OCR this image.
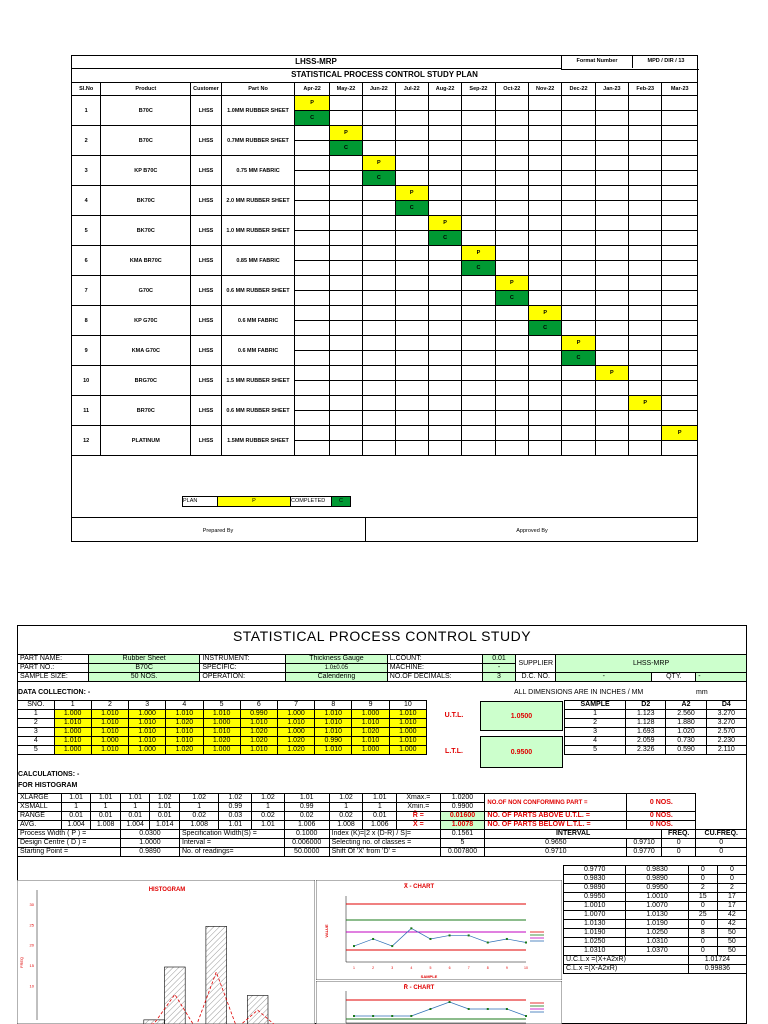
LHSS-MRP
STATISTICAL PROCESS CONTROL STUDY PLAN
Format Number	MPD / DIR / 13
Sl.No	Product	Customer	Part No	Apr-22	May-22	Jun-22	Jul-22	Aug-22	Sep-22	Oct-22	Nov-22	Dec-22	Jan-23	Feb-23	Mar-23
1	B70C	LHSS	1.0MM RUBBER SHEET	P											
				C											
2	B70C	LHSS	0.7MM RUBBER SHEET		P										
					C										
3	KP B70C	LHSS	0.75 MM FABRIC			P									
						C									
4	BK70C	LHSS	2.0 MM RUBBER SHEET				P								
							C								
5	BK70C	LHSS	1.0 MM RUBBER SHEET					P							
								C							
6	KMA BR70C	LHSS	0.85 MM FABRIC						P						
									C						
7	G70C	LHSS	0.6 MM RUBBER SHEET							P					
										C					
8	KP G70C	LHSS	0.6 MM FABRIC								P				
											C				
9	KMA G70C	LHSS	0.6 MM FABRIC									P			
												C			
10	BRG70C	LHSS	1.5 MM RUBBER SHEET										P		

11	BR70C	LHSS	0.6 MM RUBBER SHEET											P	

12	PLATINUM	LHSS	1.5MM RUBBER SHEET												P

PLAN	P	COMPLETED	C
Prepared By	Approved By
STATISTICAL PROCESS CONTROL STUDY
PART NAME:	Rubber Sheet	INSTRUMENT:	Thickness Gauge	L.COUNT:	0.01	SUPPLIER	LHSS-MRP		
PART NO.:	B70C	SPECIFIC:	1.0±0.05	MACHINE:	-				
SAMPLE SIZE:	50 NOS.	OPERATION:	Calendering	NO.OF DECIMALS:	3	D.C. NO.	-	QTY.	-
DATA COLLECTION: -	ALL DIMENSIONS ARE IN INCHES / MM	mm
SNO.	1	2	3	4	5	6	7	8	9	10
1	1.000	1.010	1.000	1.010	1.010	0.990	1.000	1.010	1.000	1.010
2	1.010	1.010	1.010	1.020	1.000	1.010	1.010	1.010	1.010	1.010
3	1.000	1.010	1.010	1.010	1.010	1.020	1.000	1.010	1.020	1.000
4	1.010	1.000	1.010	1.010	1.020	1.020	1.020	0.990	1.010	1.010
5	1.000	1.010	1.000	1.020	1.000	1.010	1.020	1.010	1.000	1.000
U.T.L.	1.0500
L.T.L.	0.9500
SAMPLE	D2	A2	D4
1	1.123	2.560	3.270
2	1.128	1.880	3.270
3	1.693	1.020	2.570
4	2.059	0.730	2.230
5	2.326	0.590	2.110
CALCULATIONS: -
FOR HISTOGRAM
XLARGE	1.01	1.01	1.01	1.02	1.02	1.02	1.02	1.01	1.02	1.01	Xmax.=	1.0200	NO.OF NON CONFORMING PART =	0 NOS.		
XSMALL	1	1	1	1.01	1	0.99	1	0.99	1	1	Xmin.=	0.9900				
RANGE	0.01	0.01	0.01	0.01	0.02	0.03	0.02	0.02	0.02	0.01	R̄ =	0.01600	NO. OF PARTS ABOVE U.T.L. =	0 NOS.		
AVG.	1.004	1.008	1.004	1.014	1.008	1.01	1.01	1.006	1.008	1.006	X̄ =	1.0078	NO. OF PARTS BELOW L.T.L. =	0 NOS.		
Process Width ( P ) =			0.0300		Specification Width(S) =			0.1000	Index (K)=[2 x (D-R̄) / S]=			0.1561	INTERVAL		FREQ.	CU.FREQ.
Design Centre ( D ) =			1.0000		Interval =			0.006000	Selecting no. of classes =			5	0.9650	0.9710	0	0
Starting Point =			0.9890		No. of readings=			50.0000	Shift Of 'X̄' from 'D' =			0.007800	0.9710	0.9770	0	0
HISTOGRAM
30
25
20
15
10
FREQ
X̄ - CHART
1	2	3	4	5	6	7	8	9	10
SAMPLE
VALUE
R̄ - CHART
0.9770	0.9830	0	0
0.9830	0.9890	0	0
0.9890	0.9950	2	2
0.9950	1.0010	15	17
1.0010	1.0070	0	17
1.0070	1.0130	25	42
1.0130	1.0190	0	42
1.0190	1.0250	8	50
1.0250	1.0310	0	50
1.0310	1.0370	0	50
U.C.L.x =(X̄+A2xR̄)		1.01724	
C.L.x =(X̄-A2xR̄)		0.99836	
